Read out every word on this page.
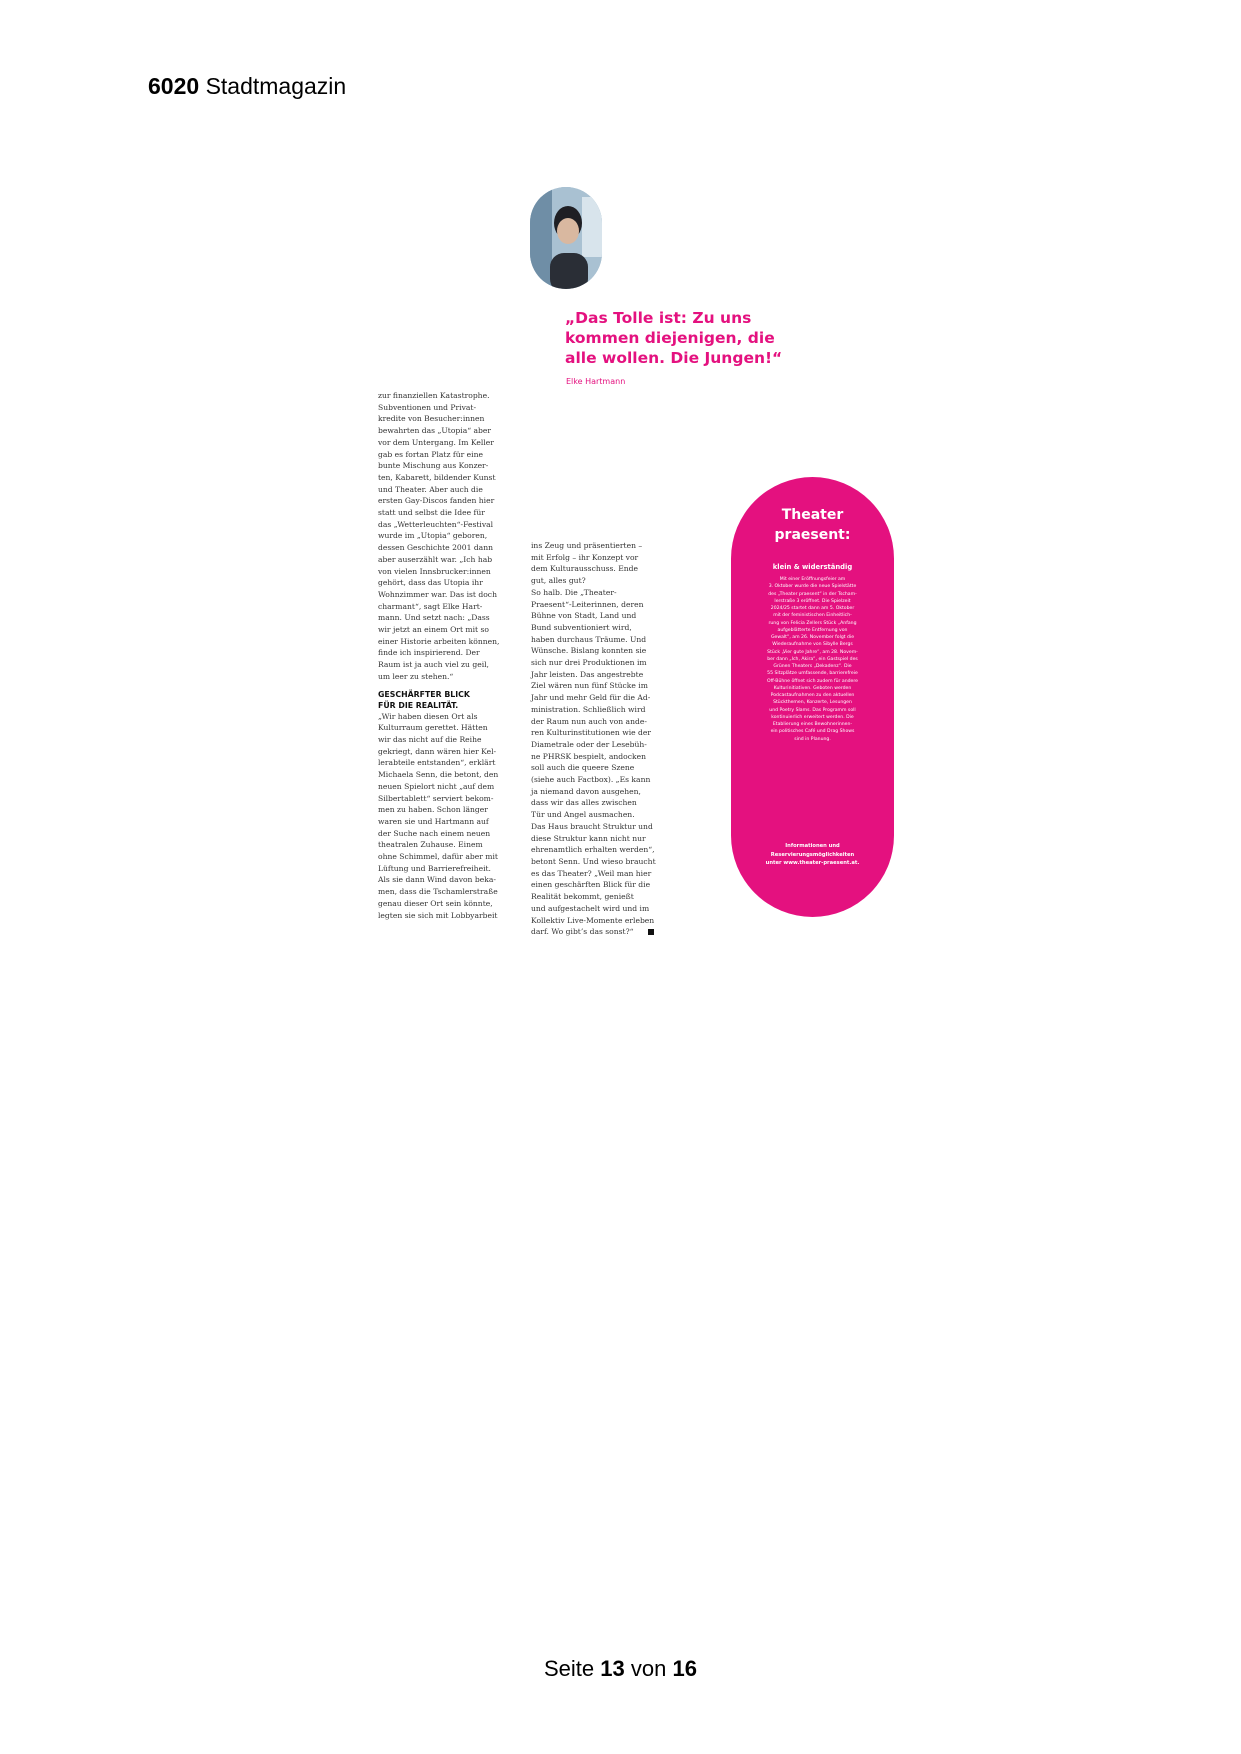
6020 Stadtmagazin
„Das Tolle ist: Zu uns
kommen diejenigen, die
alle wollen. Die Jungen!“
Elke Hartmann

zur finanziellen Katastrophe.

Subventionen und Privat-

kredite von Besucher:innen

bewahrten das „Utopia“ aber

vor dem Untergang. Im Keller

gab es fortan Platz für eine

bunte Mischung aus Konzer-

ten, Kabarett, bildender Kunst

und Theater. Aber auch die

ersten Gay-Discos fanden hier

statt und selbst die Idee für

das „Wetterleuchten“-Festival

wurde im „Utopia“ geboren,

dessen Geschichte 2001 dann

aber auserzählt war. „Ich hab

von vielen Innsbrucker:innen

gehört, dass das Utopia ihr

Wohnzimmer war. Das ist doch

charmant“, sagt Elke Hart-

mann. Und setzt nach: „Dass

wir jetzt an einem Ort mit so

einer Historie arbeiten können,

finde ich inspirierend. Der

Raum ist ja auch viel zu geil,

um leer zu stehen.“

GESCHÄRFTER BLICK
FÜR DIE REALITÄT.

„Wir haben diesen Ort als

Kulturraum gerettet. Hätten

wir das nicht auf die Reihe

gekriegt, dann wären hier Kel-

lerabteile entstanden“, erklärt

Michaela Senn, die betont, den

neuen Spielort nicht „auf dem

Silbertablett“ serviert bekom-

men zu haben. Schon länger

waren sie und Hartmann auf

der Suche nach einem neuen

theatralen Zuhause. Einem

ohne Schimmel, dafür aber mit

Lüftung und Barrierefreiheit.

Als sie dann Wind davon beka-

men, dass die Tschamlerstraße

genau dieser Ort sein könnte,

legten sie sich mit Lobbyarbeit

ins Zeug und präsentierten –

mit Erfolg – ihr Konzept vor

dem Kulturausschuss. Ende

gut, alles gut?

So halb. Die „Theater-

Praesent“-Leiterinnen, deren

Bühne von Stadt, Land und

Bund subventioniert wird,

haben durchaus Träume. Und

Wünsche. Bislang konnten sie

sich nur drei Produktionen im

Jahr leisten. Das angestrebte

Ziel wären nun fünf Stücke im

Jahr und mehr Geld für die Ad-

ministration. Schließlich wird

der Raum nun auch von ande-

ren Kulturinstitutionen wie der

Diametrale oder der Lesebüh-

ne PHRSK bespielt, andocken

soll auch die queere Szene

(siehe auch Factbox). „Es kann

ja niemand davon ausgehen,

dass wir das alles zwischen

Tür und Angel ausmachen.

Das Haus braucht Struktur und

diese Struktur kann nicht nur

ehrenamtlich erhalten werden“,

betont Senn. Und wieso braucht

es das Theater? „Weil man hier

einen geschärften Blick für die

Realität bekommt, genießt

und aufgestachelt wird und im

Kollektiv Live-Momente erleben

darf. Wo gibt’s das sonst?“

Theater
praesent:
klein & widerständig

Mit einer Eröffnungsfeier am

3. Oktober wurde die neue Spielstätte

des „Theater praesent“ in der Tscham-

lerstraße 3 eröffnet. Die Spielzeit

2024/25 startet dann am 5. Oktober

mit der feministischen Einheitlich-

rung von Felicia Zellers Stück „Anfang

aufgeblätterte Entfernung von

Gewalt“, am 26. November folgt die

Wiederaufnahme von Sibylle Bergs

Stück „Vier gute Jahre“, am 28. Novem-

ber dann „Ich, Akira“, ein Gastspiel des

Grünen Theaters „Dekadenz“. Die

55 Sitzplätze umfassende, barrierefreie

Off-Bühne öffnet sich zudem für andere

Kulturinitiativen. Geboten werden

Podcastaufnahmen zu den aktuellen

Stückthemen, Konzerte, Lesungen

und Poetry Slams. Das Programm soll

kontinuierlich erweitert werden. Die

Etablierung eines Bewohnerinnen-

ein politisches Café und Drag Shows

sind in Planung.

Informationen und

Reservierungsmöglichkeiten

unter www.theater-praesent.at.

Seite 13 von 16
